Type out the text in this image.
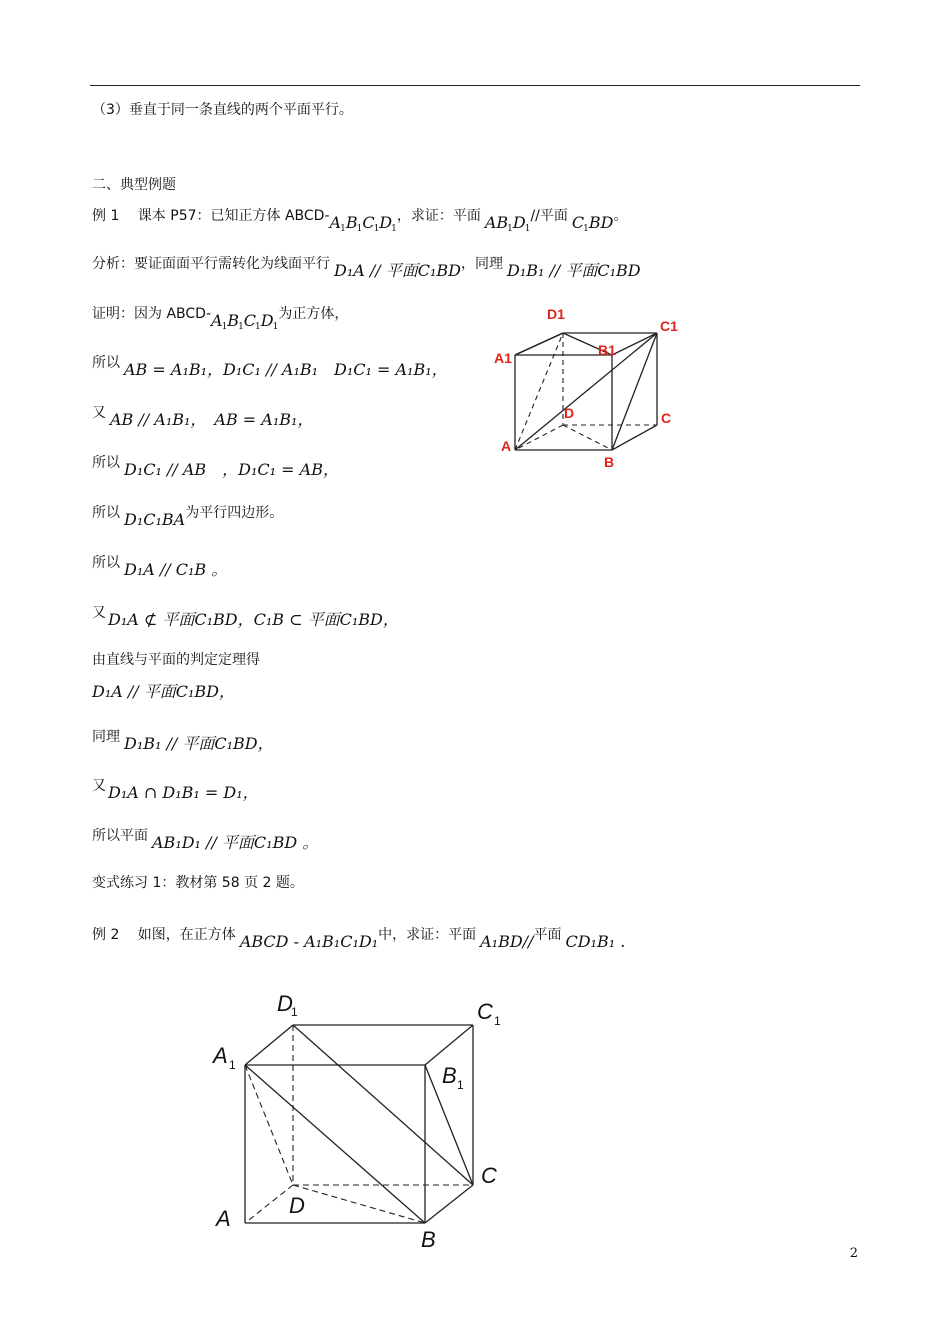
（3）垂直于同一条直线的两个平面平行。
二、典型例题
例 1　 课本 P57：已知正方体 ABCD-$A_1B_1C_1D_1$，求证：平面 $AB_1D_1//$平面 $C_1BD$。
分析：要证面面平行需转化为线面平行 D₁A // 平面C₁BD，同理 D₁B₁ // 平面C₁BD
证明：因为 ABCD-$A_1B_1C_1D_1$为正方体，
所以 AB = A₁B₁，D₁C₁ // A₁B₁　D₁C₁ = A₁B₁，
又 AB // A₁B₁，　AB = A₁B₁，
所以 D₁C₁ // AB　，D₁C₁ = AB，
所以 D₁C₁BA为平行四边形。
所以 D₁A // C₁B 。
又 D₁A ⊄ 平面C₁BD，C₁B ⊂ 平面C₁BD，
由直线与平面的判定定理得
D₁A // 平面C₁BD，
同理 D₁B₁ // 平面C₁BD，
又 D₁A ∩ D₁B₁ = D₁，
所以平面 AB₁D₁ // 平面C₁BD 。
变式练习 1：教材第 58 页 2 题。
例 2　 如图，在正方体 ABCD - A₁B₁C₁D₁中，求证：平面 A₁BD//平面 CD₁B₁ .
D1
C1
A1	B1
D	C
A
B
D	C
A
B
D
C
A
B
1
1
1
1
2
